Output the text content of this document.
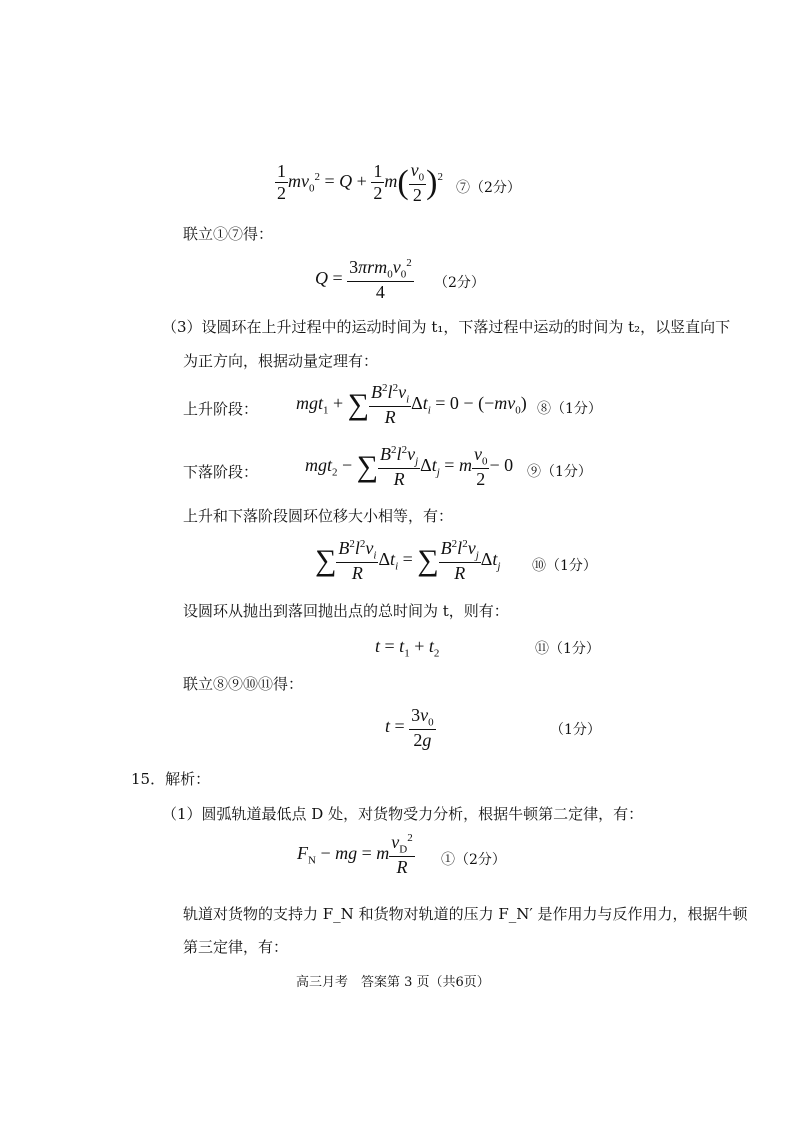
$\frac{1}{2} mv_0^2 = Q + \frac{1}{2} m( \frac{v_0}{2} )^2$
⑦（2分）
联立①⑦得：
$Q = \frac{3\pi rm_0v_0^2}{4} (2$分）
（3）设圆环在上升过程中的运动时间为 t₁，下落过程中运动的时间为 t₂，以竖直向下
为正方向，根据动量定理有：
上升阶段： mgt$_1$ + ∑ $\frac{B^2l^2v_i}{R} \Delta t_i = 0 - (-mv_0)$ ⑧（1分）
下落阶段：	mgt$_2$ − ∑ $\frac{B^2l^2v_j}{R} \Delta t_j = m \frac{v_0}{2} - 0$ ⑨（1分）
上升和下落阶段圆环位移大小相等，有：
∑ $\frac{B^2l^2v_i}{R} \Delta t_i$ = ∑ $\frac{B^2l^2v_j}{R} \Delta t_j$ ⑩（1分）
设圆环从抛出到落回抛出点的总时间为 t，则有：
$t = t_1 + t_2$	⑪（1分）
联立⑧⑨⑩⑪得：
$t = \frac{3v_0}{2g}$	（1分）
15．解析：
（1）圆弧轨道最低点 D 处，对货物受力分析，根据牛顿第二定律，有：
$F_N$ − mg = m $\frac{v_D^2}{R}$ ①（2分）
轨道对货物的支持力 F_N 和货物对轨道的压力 F_N′ 是作用力与反作用力，根据牛顿
第三定律，有：
高三月考　答案第 3 页（共6页）
